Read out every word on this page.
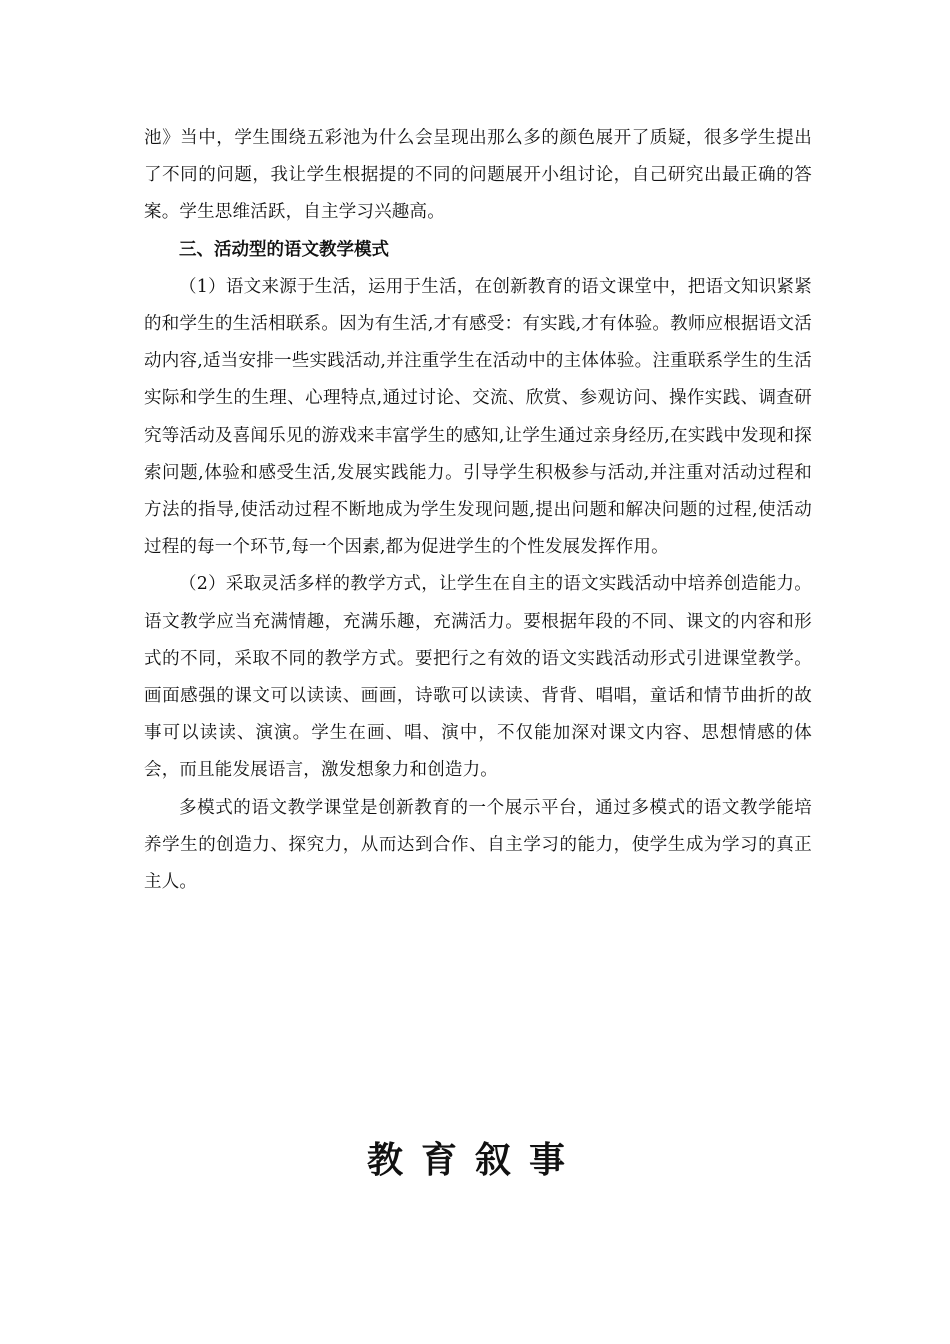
池》当中，学生围绕五彩池为什么会呈现出那么多的颜色展开了质疑，很多学生提出了不同的问题，我让学生根据提的不同的问题展开小组讨论，自己研究出最正确的答案。学生思维活跃，自主学习兴趣高。

三、活动型的语文教学模式

（1）语文来源于生活，运用于生活，在创新教育的语文课堂中，把语文知识紧紧的和学生的生活相联系。因为有生活,才有感受：有实践,才有体验。教师应根据语文活动内容,适当安排一些实践活动,并注重学生在活动中的主体体验。注重联系学生的生活实际和学生的生理、心理特点,通过讨论、交流、欣赏、参观访问、操作实践、调查研究等活动及喜闻乐见的游戏来丰富学生的感知,让学生通过亲身经历,在实践中发现和探索问题,体验和感受生活,发展实践能力。引导学生积极参与活动,并注重对活动过程和方法的指导,使活动过程不断地成为学生发现问题,提出问题和解决问题的过程,使活动过程的每一个环节,每一个因素,都为促进学生的个性发展发挥作用。

（2）采取灵活多样的教学方式，让学生在自主的语文实践活动中培养创造能力。语文教学应当充满情趣，充满乐趣，充满活力。要根据年段的不同、课文的内容和形式的不同，采取不同的教学方式。要把行之有效的语文实践活动形式引进课堂教学。画面感强的课文可以读读、画画，诗歌可以读读、背背、唱唱，童话和情节曲折的故事可以读读、演演。学生在画、唱、演中，不仅能加深对课文内容、思想情感的体会，而且能发展语言，激发想象力和创造力。

多模式的语文教学课堂是创新教育的一个展示平台，通过多模式的语文教学能培养学生的创造力、探究力，从而达到合作、自主学习的能力，使学生成为学习的真正主人。

教育叙事
